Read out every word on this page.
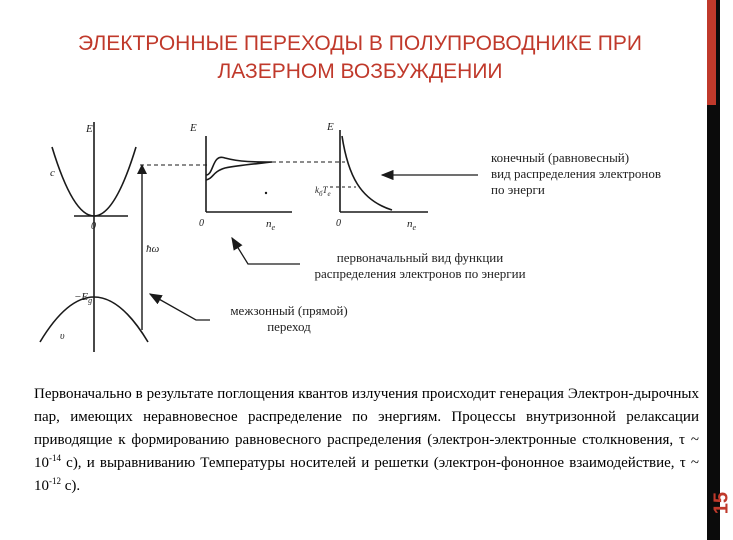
15
ЭЛЕКТРОННЫЕ ПЕРЕХОДЫ В ПОЛУПРОВОДНИКЕ ПРИ
ЛАЗЕРНОМ ВОЗБУЖДЕНИИ
E
c
0
ħω
$-E_g$
υ
E
0	$n_e$
E
$k_бT_e$
0	$n_e$
конечный (равновесный)
вид распределения электронов
по энерги
первоначальный вид функции
распределения электронов по энергии
межзонный (прямой)
переход
Первоначально в результате поглощения квантов излучения происходит генерация Электрон-дырочных пар, имеющих неравновесное распределение по энергиям. Процессы внутризонной релаксации приводящие к формированию равновесного распределения (электрон-электронные столкновения, τ ~ $10^{-14}$ с), и выравниванию Температуры носителей и решетки (электрон-фононное взаимодействие, τ ~ $10^{-12}$ с).
